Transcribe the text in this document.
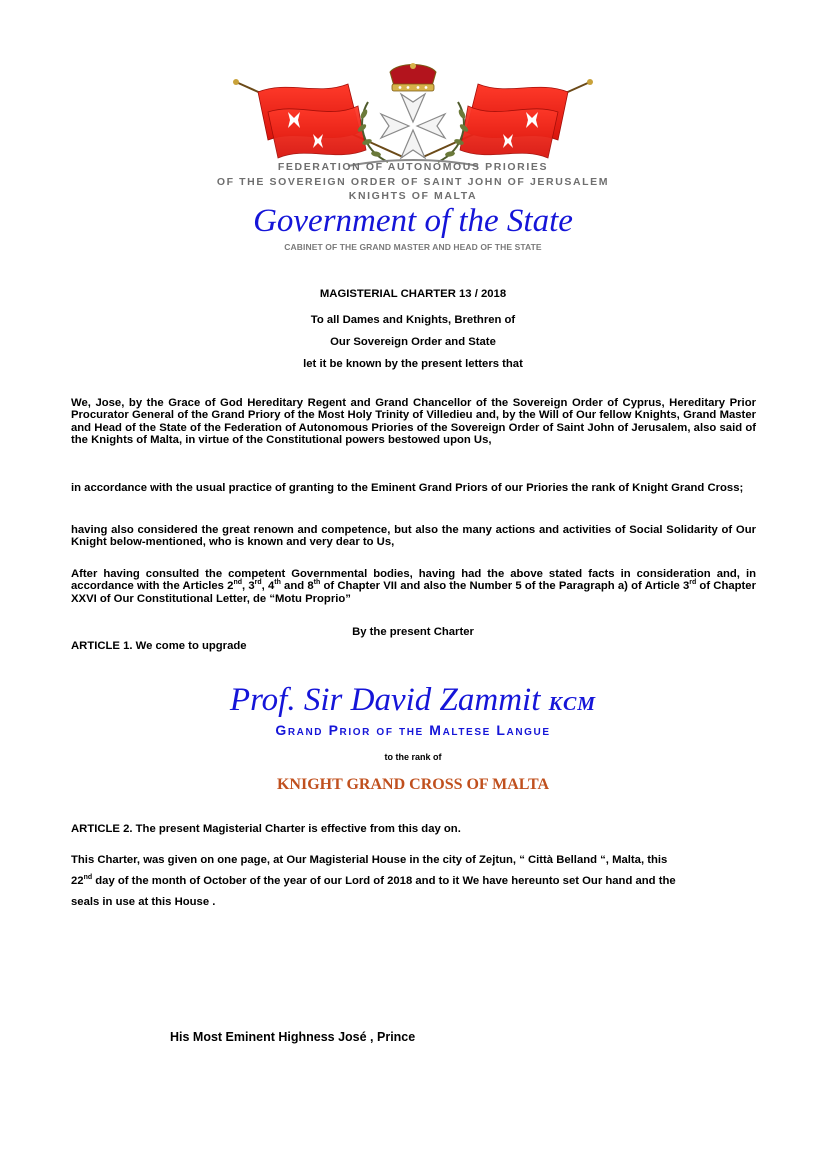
FEDERATION OF AUTONOMOUS PRIORIES
OF THE SOVEREIGN ORDER OF SAINT JOHN OF JERUSALEM
KNIGHTS OF MALTA
Government of the State
CABINET OF THE GRAND MASTER AND HEAD OF THE STATE
MAGISTERIAL CHARTER 13 / 2018
To all Dames and Knights, Brethren of
Our Sovereign Order and State
let it be known by the present letters that
We, Jose, by the Grace of God Hereditary Regent and Grand Chancellor of the Sovereign Order of Cyprus, Hereditary Prior Procurator General of the Grand Priory of the Most Holy Trinity of Villedieu and, by the Will of Our fellow Knights, Grand Master and Head of the State of the Federation of Autonomous Priories of the Sovereign Order of Saint John of Jerusalem, also said of the Knights of Malta, in virtue of the Constitutional powers bestowed upon Us,
in accordance with the usual practice of granting to the Eminent Grand Priors of our Priories the rank of Knight Grand Cross;
having also considered the great renown and competence, but also the many actions and activities of Social Solidarity of Our Knight below-mentioned, who is known and very dear to Us,
After having consulted the competent Governmental bodies, having had the above stated facts in consideration and, in accordance with the Articles 2nd, 3rd, 4th and 8th of Chapter VII and also the Number 5 of the Paragraph a) of Article 3rd of Chapter XXVI of Our Constitutional Letter, de “Motu Proprio”
By the present Charter
ARTICLE 1. We come to upgrade
Prof. Sir David Zammit KCM
Grand Prior of the Maltese Langue
to the rank of
KNIGHT GRAND CROSS OF MALTA
ARTICLE 2. The present Magisterial Charter is effective from this day on.
This Charter, was given on one page, at Our Magisterial House in the city of Zejtun, “ Città Belland “, Malta, this
22nd day of the month of October of the year of our Lord of 2018 and to it We have hereunto set Our hand and the
seals in use at this House .
His Most Eminent Highness José , Prince
